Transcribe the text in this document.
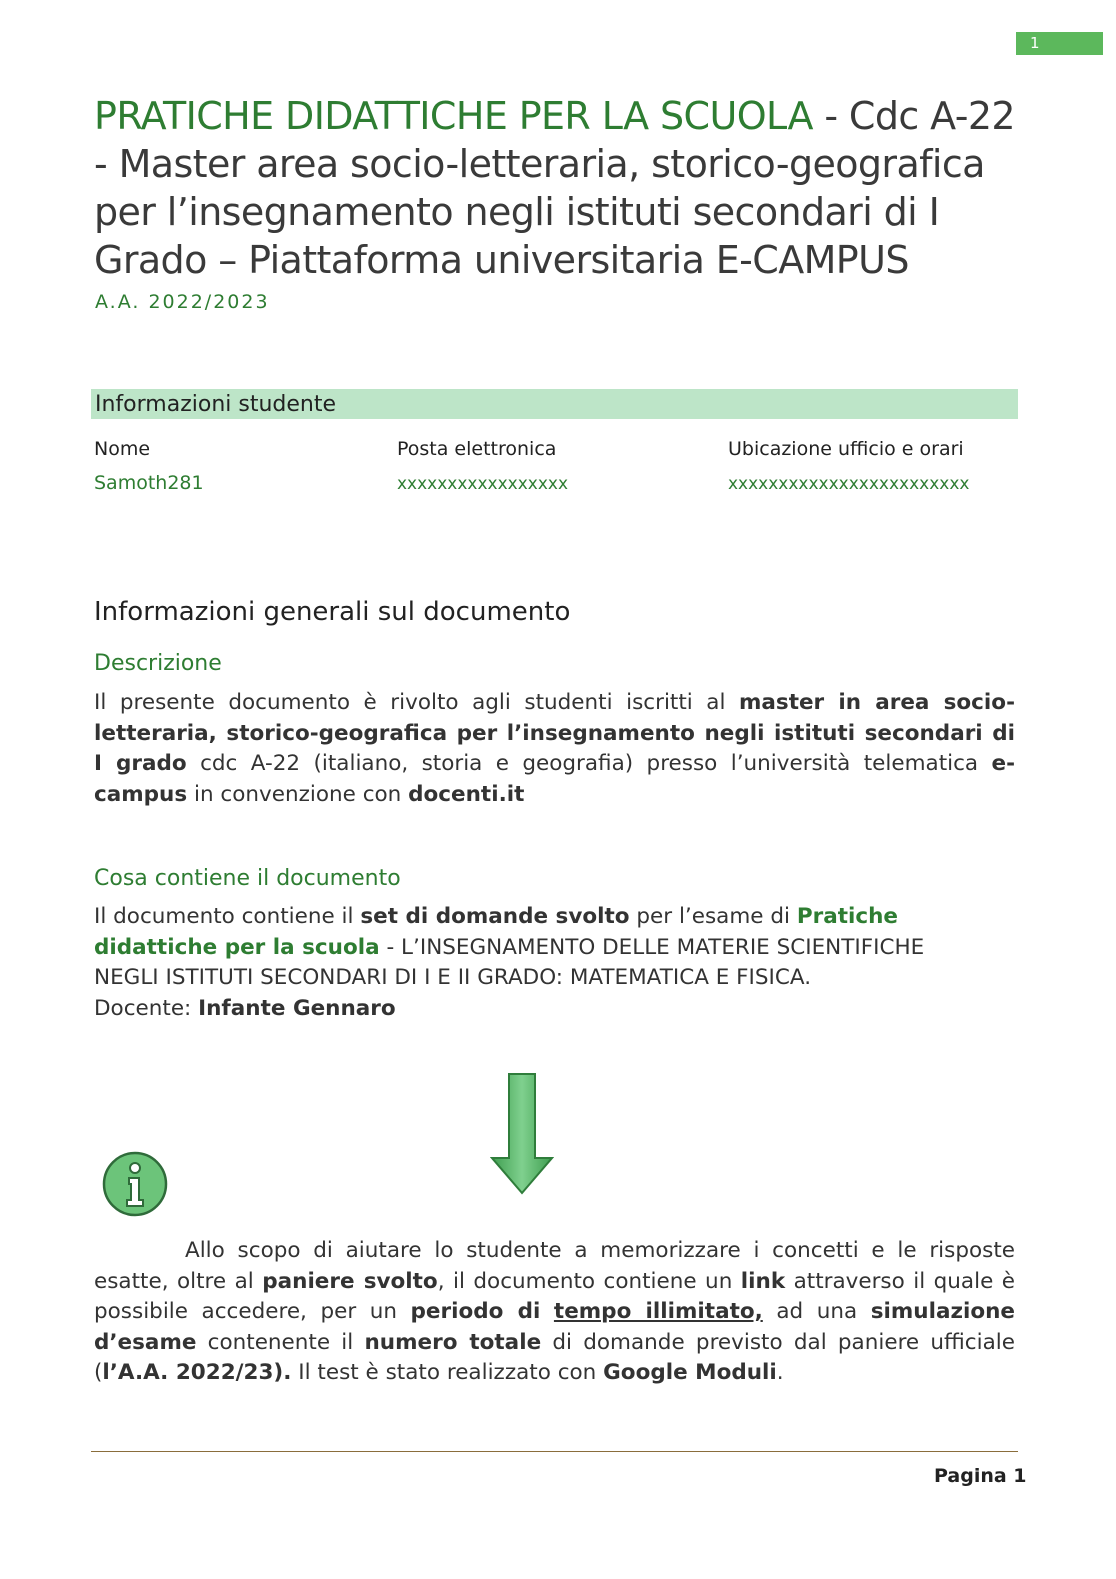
1
PRATICHE DIDATTICHE PER LA SCUOLA - Cdc A-22 - Master area socio-letteraria, storico-geografica per l’insegnamento negli istituti secondari di I Grado – Piattaforma universitaria E-CAMPUS
A.A. 2022/2023
Informazioni studente
Nome	Posta elettronica	Ubicazione ufficio e orari
Samoth281	xxxxxxxxxxxxxxxxx	xxxxxxxxxxxxxxxxxxxxxxxx
Informazioni generali sul documento
Descrizione
Il presente documento è rivolto agli studenti iscritti al master in area socio-letteraria, storico-geografica per l’insegnamento negli istituti secondari di I grado cdc A-22 (italiano, storia e geografia) presso l’università telematica e-campus in convenzione con docenti.it
Cosa contiene il documento
Il documento contiene il set di domande svolto per l’esame di Pratiche didattiche per la scuola - L’INSEGNAMENTO DELLE MATERIE SCIENTIFICHE NEGLI ISTITUTI SECONDARI DI I E II GRADO: MATEMATICA E FISICA.
Docente: Infante Gennaro
Allo scopo di aiutare lo studente a memorizzare i concetti e le risposte esatte, oltre al paniere svolto, il documento contiene un link attraverso il quale è possibile accedere, per un periodo di tempo illimitato, ad una simulazione d’esame contenente il numero totale di domande previsto dal paniere ufficiale (l’A.A. 2022/23). Il test è stato realizzato con Google Moduli.
Pagina 1
